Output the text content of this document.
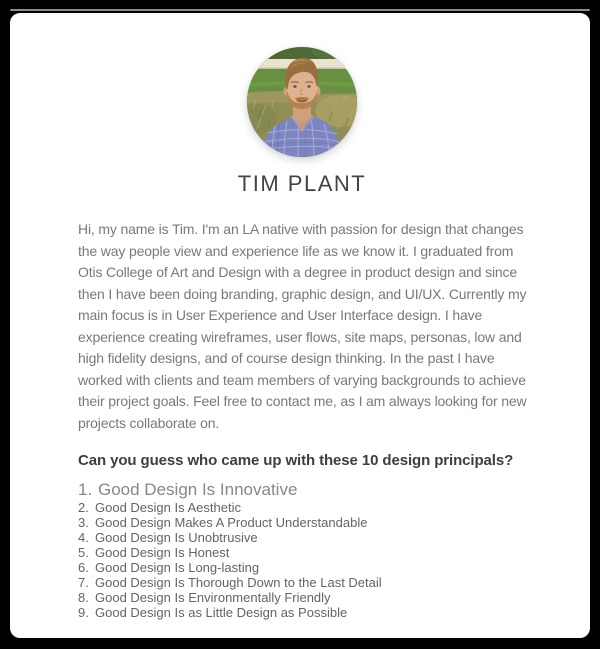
TIM PLANT

Hi, my name is Tim. I'm an LA native with passion for design that changes the way people view and experience life as we know it. I graduated from Otis College of Art and Design with a degree in product design and since then I have been doing branding, graphic design, and UI/UX. Currently my main focus is in User Experience and User Interface design. I have experience creating wireframes, user flows, site maps, personas, low and high fidelity designs, and of course design thinking. In the past I have worked with clients and team members of varying backgrounds to achieve their project goals. Feel free to contact me, as I am always looking for new projects collaborate on.

Can you guess who came up with these 10 design principals?
1. Good Design Is Innovative
2. Good Design Is Aesthetic
3. Good Design Makes A Product Understandable
4. Good Design Is Unobtrusive
5. Good Design Is Honest
6. Good Design Is Long-lasting
7. Good Design Is Thorough Down to the Last Detail
8. Good Design Is Environmentally Friendly
9. Good Design Is as Little Design as Possible
